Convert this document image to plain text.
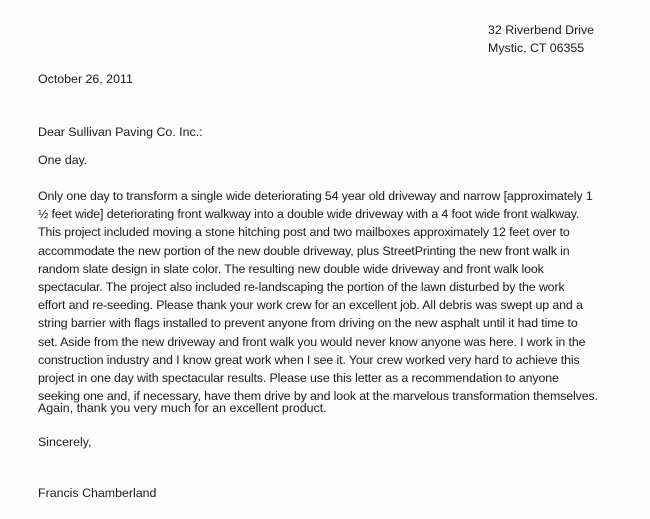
32 Riverbend Drive
Mystic, CT 06355
October 26, 2011
Dear Sullivan Paving Co. Inc.:
One day.
Only one day to transform a single wide deteriorating 54 year old driveway and narrow [approximately 1
½ feet wide] deteriorating front walkway into a double wide driveway with a 4 foot wide front walkway.
This project included moving a stone hitching post and two mailboxes approximately 12 feet over to
accommodate the new portion of the new double driveway, plus StreetPrinting the new front walk in
random slate design in slate color. The resulting new double wide driveway and front walk look
spectacular. The project also included re-landscaping the portion of the lawn disturbed by the work
effort and re-seeding. Please thank your work crew for an excellent job. All debris was swept up and a
string barrier with flags installed to prevent anyone from driving on the new asphalt until it had time to
set. Aside from the new driveway and front walk you would never know anyone was here. I work in the
construction industry and I know great work when I see it. Your crew worked very hard to achieve this
project in one day with spectacular results. Please use this letter as a recommendation to anyone
seeking one and, if necessary, have them drive by and look at the marvelous transformation themselves.
Again, thank you very much for an excellent product.
Sincerely,
Francis Chamberland
